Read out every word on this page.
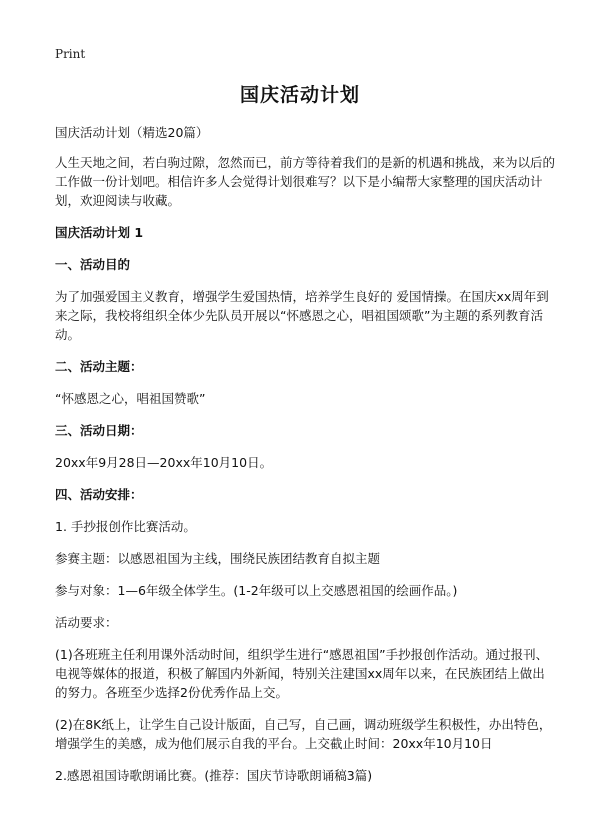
Print
国庆活动计划

国庆活动计划（精选20篇）

人生天地之间，若白驹过隙，忽然而已，前方等待着我们的是新的机遇和挑战，来为以后的工作做一份计划吧。相信许多人会觉得计划很难写？以下是小编帮大家整理的国庆活动计划，欢迎阅读与收藏。

国庆活动计划 1

一、活动目的

为了加强爱国主义教育，增强学生爱国热情，培养学生良好的 爱国情操。在国庆xx周年到来之际，我校将组织全体少先队员开展以“怀感恩之心，唱祖国颂歌”为主题的系列教育活动。

二、活动主题：

“怀感恩之心，唱祖国赞歌”

三、活动日期：

20xx年9月28日—20xx年10月10日。

四、活动安排：

1. 手抄报创作比赛活动。

参赛主题：以感恩祖国为主线，围绕民族团结教育自拟主题

参与对象：1—6年级全体学生。(1-2年级可以上交感恩祖国的绘画作品。)

活动要求：

(1)各班班主任利用课外活动时间，组织学生进行“感恩祖国”手抄报创作活动。通过报刊、电视等媒体的报道，积极了解国内外新闻，特别关注建国xx周年以来，在民族团结上做出的努力。各班至少选择2份优秀作品上交。

(2)在8K纸上，让学生自己设计版面，自己写，自己画，调动班级学生积极性，办出特色，增强学生的美感，成为他们展示自我的平台。上交截止时间：20xx年10月10日

2.感恩祖国诗歌朗诵比赛。(推荐：国庆节诗歌朗诵稿3篇)
